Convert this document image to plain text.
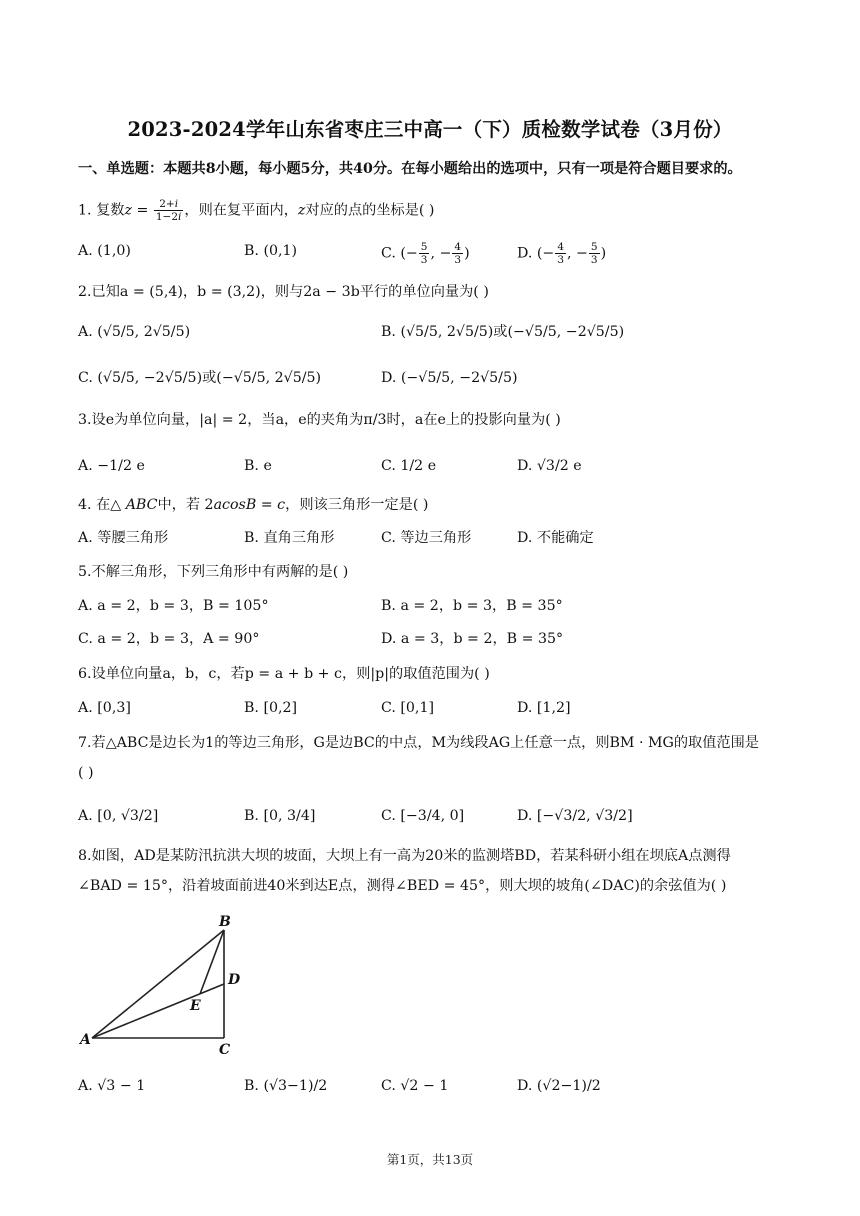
2023-2024学年山东省枣庄三中高一（下）质检数学试卷（3月份）
一、单选题：本题共8小题，每小题5分，共40分。在每小题给出的选项中，只有一项是符合题目要求的。
1. 复数$z = \frac{2+i}{1-2i}$ ，则在复平面内，z对应的点的坐标是( )
A. (1,0)	B. (0,1)	C. (− $\frac{5}{3}$ , − $\frac{4}{3}$ )	D. (− $\frac{4}{3}$ , − $\frac{5}{3}$ )
2.已知a = (5,4)，b = (3,2)，则与2a − 3b平行的单位向量为( )
A. (√5/5, 2√5/5)	B. (√5/5, 2√5/5)或(−√5/5, −2√5/5)
C. (√5/5, −2√5/5)或(−√5/5, 2√5/5)	D. (−√5/5, −2√5/5)
3.设e为单位向量，|a| = 2，当a，e的夹角为π/3时，a在e上的投影向量为( )
A. −1/2 e	B. e	C. 1/2 e	D. √3/2 e
4. 在△ ABC中，若 2acosB = c，则该三角形一定是( )
A. 等腰三角形	B. 直角三角形	C. 等边三角形	D. 不能确定
5.不解三角形，下列三角形中有两解的是( )
A. a = 2，b = 3，B = 105°	B. a = 2，b = 3，B = 35°
C. a = 2，b = 3，A = 90°	D. a = 3，b = 2，B = 35°
6.设单位向量a，b，c，若p = a + b + c，则|p|的取值范围为( )
A. [0,3]	B. [0,2]	C. [0,1]	D. [1,2]
7.若△ABC是边长为1的等边三角形，G是边BC的中点，M为线段AG上任意一点，则BM · MG的取值范围是
( )
A. [0, √3/2]	B. [0, 3/4]	C. [−3/4, 0]	D. [−√3/2, √3/2]
8.如图，AD是某防汛抗洪大坝的坡面，大坝上有一高为20米的监测塔BD，若某科研小组在坝底A点测得
∠BAD = 15°，沿着坡面前进40米到达E点，测得∠BED = 45°，则大坝的坡角(∠DAC)的余弦值为( )
B
D
E
A
C
A. √3 − 1	B. (√3−1)/2	C. √2 − 1	D. (√2−1)/2
第1页，共13页
